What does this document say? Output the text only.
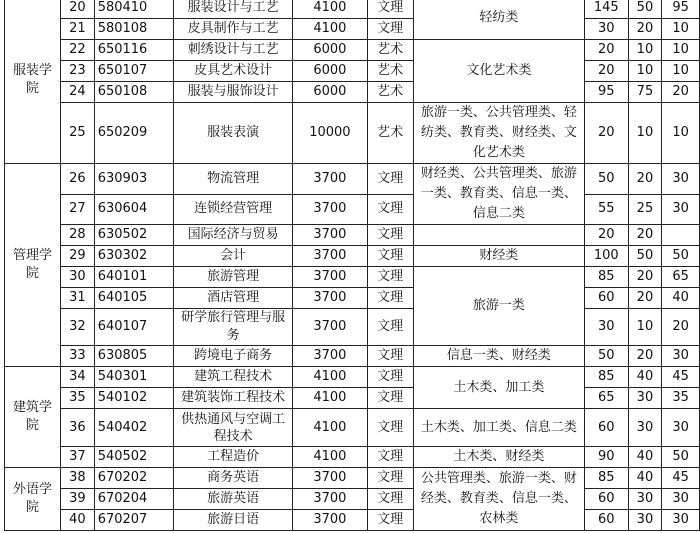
服装学院	20	580410	服装设计与工艺	4100	文理	轻纺类	145	50	95
	21	580108	皮具制作与工艺	4100	文理		30	20	10
	22	650116	刺绣设计与工艺	6000	艺术	文化艺术类	20	10	10
	23	650107	皮具艺术设计	6000	艺术		20	10	10
	24	650108	服装与服饰设计	6000	艺术		95	75	20
	25	650209	服装表演	10000	艺术	旅游一类、公共管理类、轻纺类、教育类、财经类、文化艺术类	20	10	10
管理学院	26	630903	物流管理	3700	文理	财经类、公共管理类、旅游一类、教育类、信息一类、信息二类	50	20	30
	27	630604	连锁经营管理	3700	文理		55	25	30
	28	630502	国际经济与贸易	3700	文理		20	20	
	29	630302	会计	3700	文理	财经类	100	50	50
	30	640101	旅游管理	3700	文理	旅游一类	85	20	65
	31	640105	酒店管理	3700	文理		60	20	40
	32	640107	研学旅行管理与服务	3700	文理		30	10	20
	33	630805	跨境电子商务	3700	文理	信息一类、财经类	50	20	30
建筑学院	34	540301	建筑工程技术	4100	文理	土木类、加工类	85	40	45
	35	540102	建筑装饰工程技术	4100	文理		65	30	35
	36	540402	供热通风与空调工程技术	4100	文理	土木类、加工类、信息二类	60	30	30
	37	540502	工程造价	4100	文理	土木类、财经类	90	40	50
外语学院	38	670202	商务英语	3700	文理	公共管理类、旅游一类、财经类、教育类、信息一类、农林类	85	40	45
	39	670204	旅游英语	3700	文理		60	30	30
	40	670207	旅游日语	3700	文理		60	30	30
